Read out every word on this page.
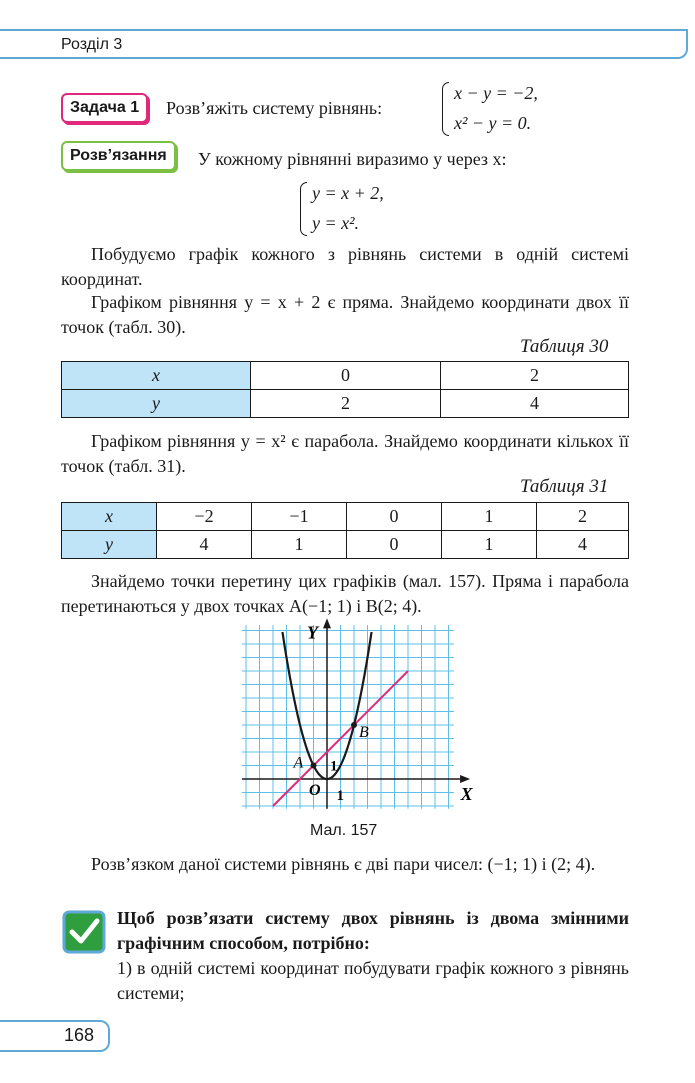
Розділ 3
Задача 1	Розв’яжіть систему рівнянь:
x − y = −2,
x² − y = 0.
Розв’язання	У кожному рівнянні виразимо y через x:
y = x + 2,
y = x².
Побудуємо графік кожного з рівнянь системи в одній системі координат.
Графіком рівняння y = x + 2 є пряма. Знайдемо координати двох її точок (табл. 30).
Таблиця 30
x	0	2
y	2	4
Графіком рівняння y = x² є парабола. Знайдемо координати кількох її точок (табл. 31).
Таблиця 31
x	−2	−1	0	1	2
y	4	1	0	1	4
Знайдемо точки перетину цих графіків (мал. 157). Пряма і парабола перетинаються у двох точках A(−1; 1) і B(2; 4).
Y
X
O 1
1
A
B
Мал. 157
Розв’язком даної системи рівнянь є дві пари чисел: (−1; 1) і (2; 4).
Щоб розв’язати систему двох рівнянь із двома змінними графічним способом, потрібно:
1) в одній системі координат побудувати графік кожного з рівнянь системи;
168
